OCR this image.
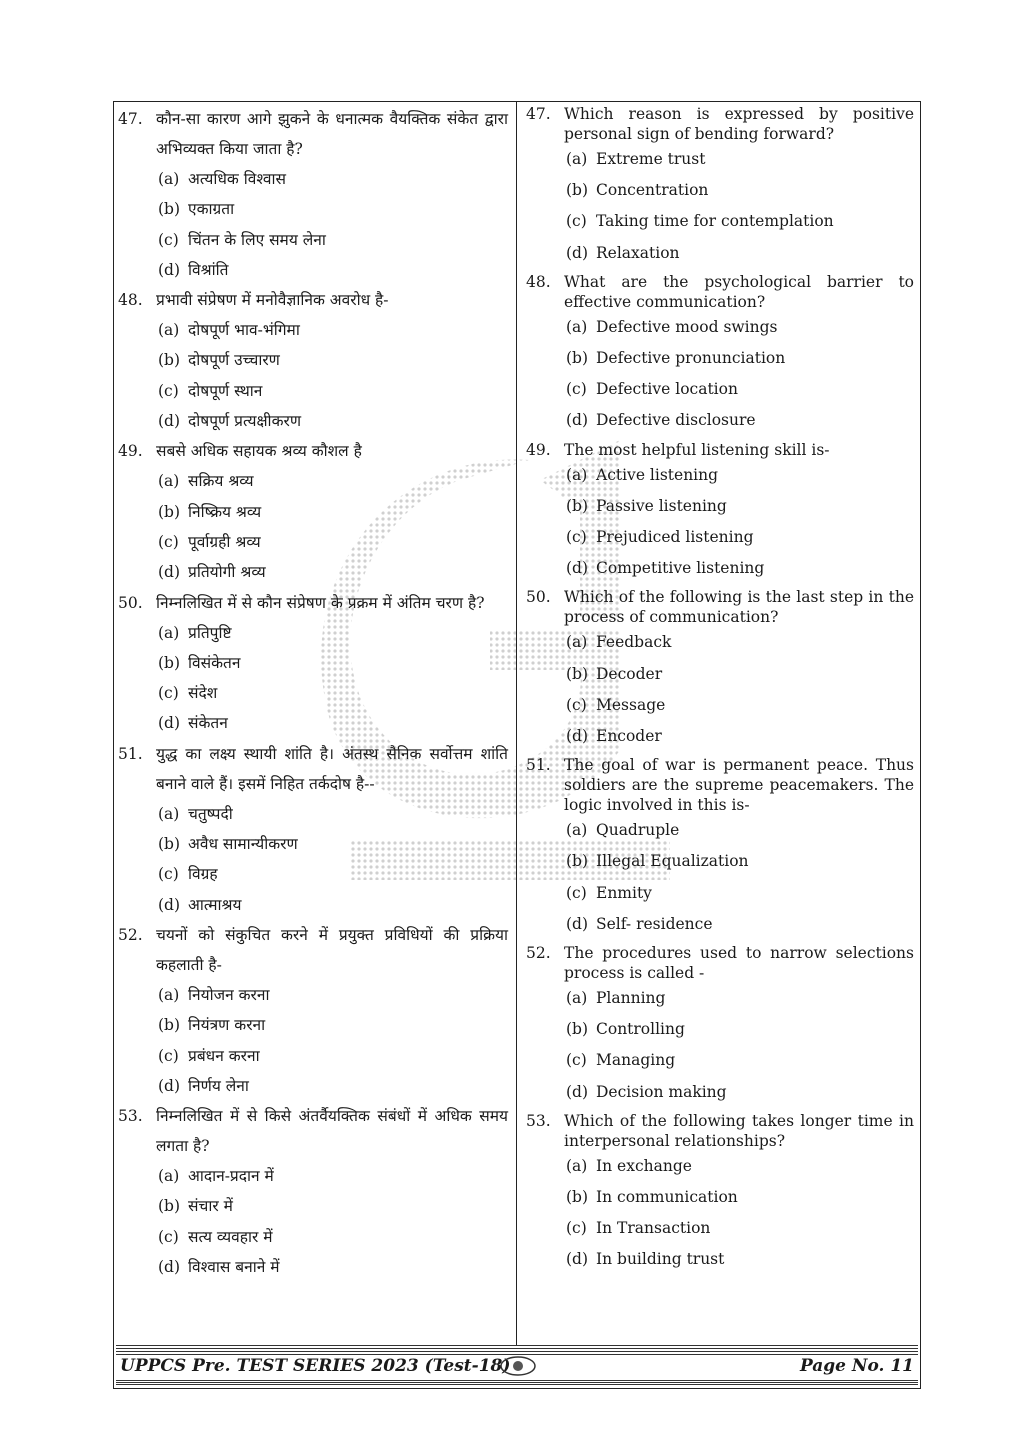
47. कौन-सा कारण आगे झुकने के धनात्मक वैयक्तिक संकेत द्वारा अभिव्यक्त किया जाता है?
(a) अत्यधिक विश्वास
(b) एकाग्रता
(c) चिंतन के लिए समय लेना
(d) विश्रांति
48. प्रभावी संप्रेषण में मनोवैज्ञानिक अवरोध है-
(a) दोषपूर्ण भाव-भंगिमा
(b) दोषपूर्ण उच्चारण
(c) दोषपूर्ण स्थान
(d) दोषपूर्ण प्रत्यक्षीकरण
49. सबसे अधिक सहायक श्रव्य कौशल है
(a) सक्रिय श्रव्य
(b) निष्क्रिय श्रव्य
(c) पूर्वाग्रही श्रव्य
(d) प्रतियोगी श्रव्य
50. निम्नलिखित में से कौन संप्रेषण के प्रक्रम में अंतिम चरण है?
(a) प्रतिपुष्टि
(b) विसंकेतन
(c) संदेश
(d) संकेतन
51. युद्ध का लक्ष्य स्थायी शांति है। अंतस्थ सैनिक सर्वोत्तम शांति बनाने वाले हैं। इसमें निहित तर्कदोष है--
(a) चतुष्पदी
(b) अवैध सामान्यीकरण
(c) विग्रह
(d) आत्माश्रय
52. चयनों को संकुचित करने में प्रयुक्त प्रविधियों की प्रक्रिया कहलाती है-
(a) नियोजन करना
(b) नियंत्रण करना
(c) प्रबंधन करना
(d) निर्णय लेना
53. निम्नलिखित में से किसे अंतर्वैयक्तिक संबंधों में अधिक समय लगता है?
(a) आदान-प्रदान में
(b) संचार में
(c) सत्य व्यवहार में
(d) विश्वास बनाने में
47. Which reason is expressed by positive personal sign of bending forward?
(a) Extreme trust
(b) Concentration
(c) Taking time for contemplation
(d) Relaxation
48. What are the psychological barrier to effective communication?
(a) Defective mood swings
(b) Defective pronunciation
(c) Defective location
(d) Defective disclosure
49. The most helpful listening skill is-
(a) Active listening
(b) Passive listening
(c) Prejudiced listening
(d) Competitive listening
50. Which of the following is the last step in the process of communication?
(a) Feedback
(b) Decoder
(c) Message
(d) Encoder
51. The goal of war is permanent peace. Thus soldiers are the supreme peacemakers. The logic involved in this is-
(a) Quadruple
(b) Illegal Equalization
(c) Enmity
(d) Self- residence
52. The procedures used to narrow selections process is called -
(a) Planning
(b) Controlling
(c) Managing
(d) Decision making
53. Which of the following takes longer time in interpersonal relationships?
(a) In exchange
(b) In communication
(c) In Transaction
(d) In building trust
UPPCS Pre. TEST SERIES 2023 (Test-18)	Page No. 11
